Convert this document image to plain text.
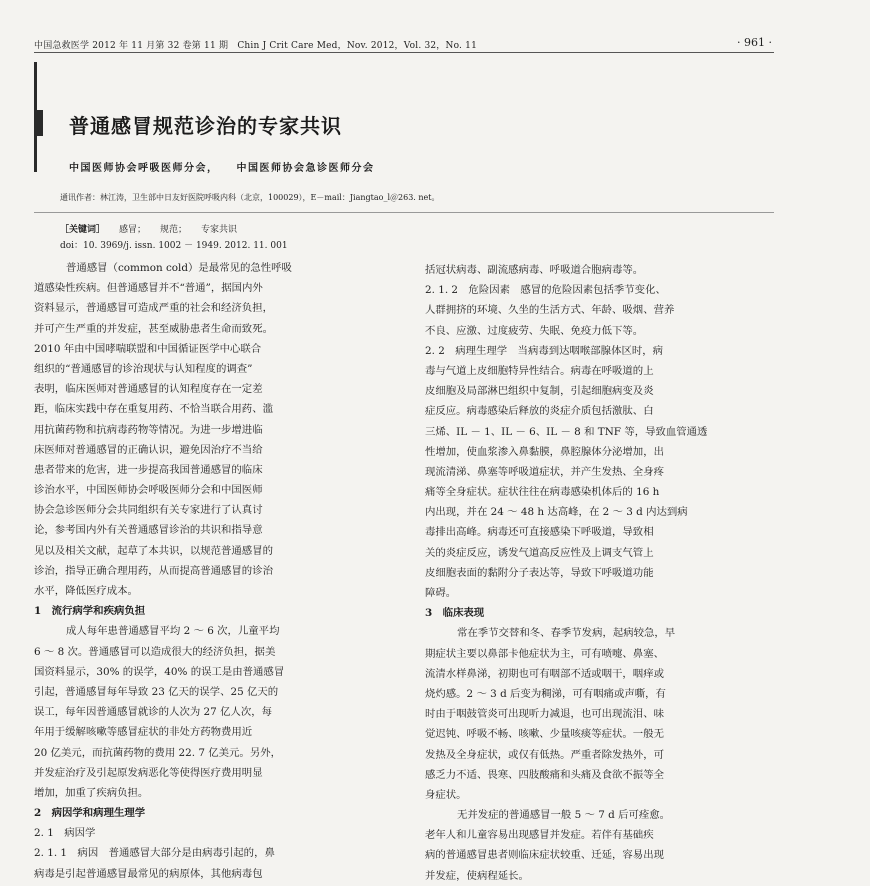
中国急救医学 2012 年 11 月第 32 卷第 11 期　Chin J Crit Care Med，Nov. 2012，Vol. 32，No. 11	· 961 ·
普通感冒规范诊治的专家共识
中国医师协会呼吸医师分会， 中国医师协会急诊医师分会
通讯作者：林江涛，卫生部中日友好医院呼吸内科（北京，100029），E－mail：Jiangtao_l＠263. net。
［关键词］ 感冒； 规范； 专家共识
doi：10. 3969/j. issn. 1002 － 1949. 2012. 11. 001
普通感冒（common cold）是最常见的急性呼吸
道感染性疾病。但普通感冒并不“普通”，据国内外
资料显示，普通感冒可造成严重的社会和经济负担，
并可产生严重的并发症，甚至威胁患者生命而致死。
2010 年由中国哮喘联盟和中国循证医学中心联合
组织的“普通感冒的诊治现状与认知程度的调查”
表明，临床医师对普通感冒的认知程度存在一定差
距，临床实践中存在重复用药、不恰当联合用药、滥
用抗菌药物和抗病毒药物等情况。为进一步增进临
床医师对普通感冒的正确认识，避免因治疗不当给
患者带来的危害，进一步提高我国普通感冒的临床
诊治水平，中国医师协会呼吸医师分会和中国医师
协会急诊医师分会共同组织有关专家进行了认真讨
论，参考国内外有关普通感冒诊治的共识和指导意
见以及相关文献，起草了本共识，以规范普通感冒的
诊治，指导正确合理用药，从而提高普通感冒的诊治
水平，降低医疗成本。
1　流行病学和疾病负担
成人每年患普通感冒平均 2 ～ 6 次，儿童平均
6 ～ 8 次。普通感冒可以造成很大的经济负担，据美
国资料显示，30% 的误学，40% 的误工是由普通感冒
引起，普通感冒每年导致 23 亿天的误学、25 亿天的
误工，每年因普通感冒就诊的人次为 27 亿人次，每
年用于缓解咳嗽等感冒症状的非处方药物费用近
20 亿美元，而抗菌药物的费用 22. 7 亿美元。另外，
并发症治疗及引起原发病恶化等使得医疗费用明显
增加，加重了疾病负担。
2　病因学和病理生理学
2. 1　病因学
2. 1. 1　病因　普通感冒大部分是由病毒引起的，鼻
病毒是引起普通感冒最常见的病原体，其他病毒包
括冠状病毒、副流感病毒、呼吸道合胞病毒等。
2. 1. 2　危险因素　感冒的危险因素包括季节变化、
人群拥挤的环境、久坐的生活方式、年龄、吸烟、营养
不良、应激、过度疲劳、失眠、免疫力低下等。
2. 2　病理生理学　当病毒到达咽喉部腺体区时，病
毒与气道上皮细胞特异性结合。病毒在呼吸道的上
皮细胞及局部淋巴组织中复制，引起细胞病变及炎
症反应。病毒感染后释放的炎症介质包括激肽、白
三烯、IL － 1、IL － 6、IL － 8 和 TNF 等，导致血管通透
性增加，使血浆渗入鼻黏膜，鼻腔腺体分泌增加，出
现流清涕、鼻塞等呼吸道症状，并产生发热、全身疼
痛等全身症状。症状往往在病毒感染机体后的 16 h
内出现，并在 24 ～ 48 h 达高峰，在 2 ～ 3 d 内达到病
毒排出高峰。病毒还可直接感染下呼吸道，导致相
关的炎症反应，诱发气道高反应性及上调支气管上
皮细胞表面的黏附分子表达等，导致下呼吸道功能
障碍。
3　临床表现
常在季节交替和冬、春季节发病，起病较急，早
期症状主要以鼻部卡他症状为主，可有喷嚏、鼻塞、
流清水样鼻涕，初期也可有咽部不适或咽干，咽痒或
烧灼感。2 ～ 3 d 后变为稠涕，可有咽痛或声嘶，有
时由于咽鼓管炎可出现听力减退，也可出现流泪、味
觉迟钝、呼吸不畅、咳嗽、少量咳痰等症状。一般无
发热及全身症状，或仅有低热。严重者除发热外，可
感乏力不适、畏寒、四肢酸痛和头痛及食欲不振等全
身症状。
无并发症的普通感冒一般 5 ～ 7 d 后可痊愈。
老年人和儿童容易出现感冒并发症。若伴有基础疾
病的普通感冒患者则临床症状较重、迁延，容易出现
并发症，使病程延长。
